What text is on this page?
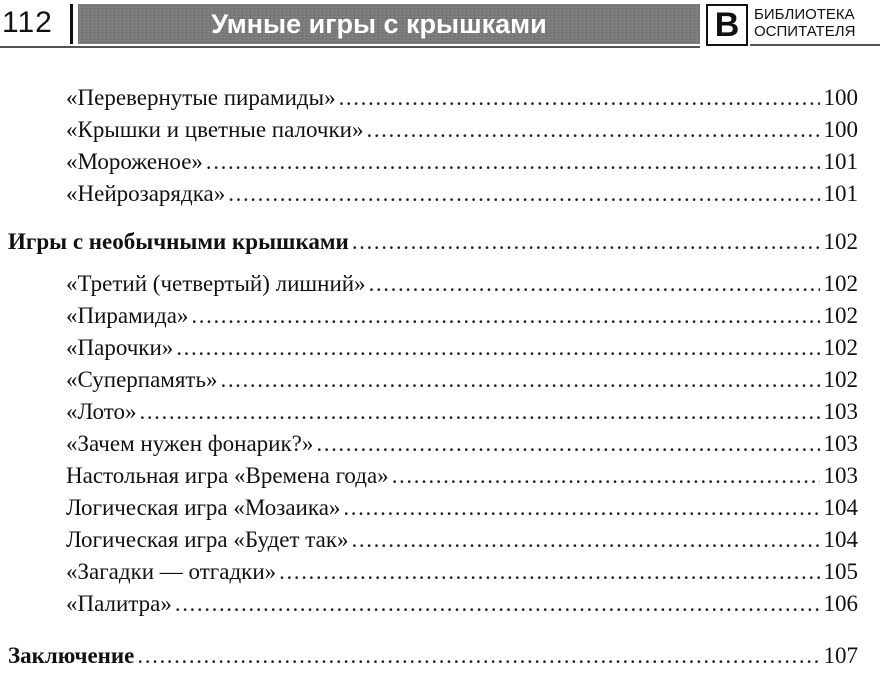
112	Умные игры с крышками	В БИБЛИОТЕКА
ОСПИТАТЕЛЯ
«Перевернутые пирамиды» .....	100
«Крышки и цветные палочки» .....	100
«Мороженое» .....	101
«Нейрозарядка» .....	101
Игры с необычными крышками .....	102
«Третий (четвертый) лишний» .....	102
«Пирамида» .....	102
«Парочки» .....	102
«Суперпамять» .....	102
«Лото» .....	103
«Зачем нужен фонарик?» .....	103
Настольная игра «Времена года» .....	103
Логическая игра «Мозаика» .....	104
Логическая игра «Будет так» .....	104
«Загадки — отгадки» .....	105
«Палитра» .....	106
Заключение .....	107
